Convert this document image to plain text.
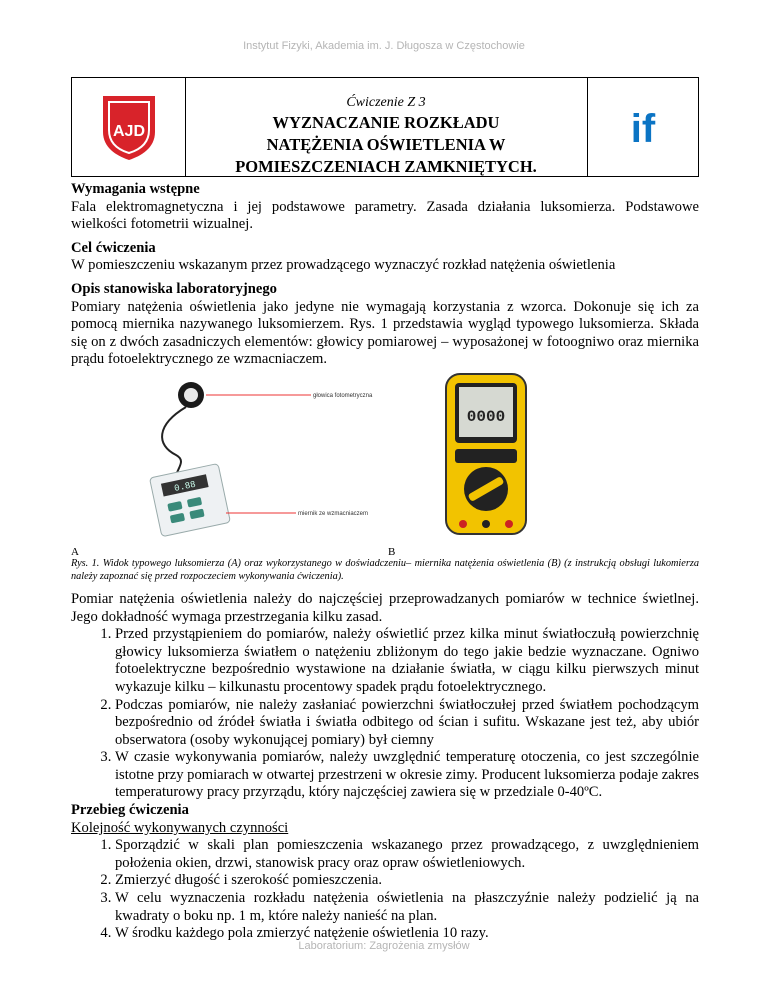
Instytut Fizyki, Akademia im. J. Długosza w Częstochowie
AJD
Ćwiczenie Z 3
WYZNACZANIE ROZKŁADU
NATĘŻENIA OŚWIETLENIA W
POMIESZCZENIACH ZAMKNIĘTYCH.
if

Wymagania wstępne

Fala elektromagnetyczna i jej podstawowe parametry. Zasada działania luksomierza. Podstawowe wielkości fotometrii wizualnej.

Cel ćwiczenia

W pomieszczeniu wskazanym przez prowadzącego wyznaczyć rozkład natężenia oświetlenia

Opis stanowiska laboratoryjnego

Pomiary natężenia oświetlenia jako jedyne nie wymagają korzystania z wzorca. Dokonuje się ich za pomocą miernika nazywanego luksomierzem. Rys. 1 przedstawia wygląd typowego luksomierza. Składa się on z dwóch zasadniczych elementów: głowicy pomiarowej – wyposażonej w fotoogniwo oraz miernika prądu fotoelektrycznego ze wzmacniaczem.

0.88
głowica fotometryczna
miernik ze wzmacniaczem
0000
A	B

Rys. 1. Widok typowego luksomierza (A) oraz wykorzystanego w doświadczeniu– miernika natężenia oświetlenia (B) (z instrukcją obsługi lukomierza należy zapoznać się przed rozpoczeciem wykonywania ćwiczenia).

Pomiar natężenia oświetlenia należy do najczęściej przeprowadzanych pomiarów w technice świetlnej. Jego dokładność wymaga przestrzegania kilku zasad.

1. Przed przystąpieniem do pomiarów, należy oświetlić przez kilka minut światłoczułą powierzchnię głowicy luksomierza światłem o natężeniu zbliżonym do tego jakie bedzie wyznaczane. Ogniwo fotoelektryczne bezpośrednio wystawione na działanie światła, w ciągu kilku pierwszych minut wykazuje kilku – kilkunastu procentowy spadek prądu fotoelektrycznego.
2. Podczas pomiarów, nie należy zasłaniać powierzchni światłoczułej przed światłem pochodzącym bezpośrednio od źródeł światła i światła odbitego od ścian i sufitu. Wskazane jest też, aby ubiór obserwatora (osoby wykonującej pomiary) był ciemny
3. W czasie wykonywania pomiarów, należy uwzględnić temperaturę otoczenia, co jest szczególnie istotne przy pomiarach w otwartej przestrzeni w okresie zimy. Producent luksomierza podaje zakres temperaturowy pracy przyrządu, który najczęściej zawiera się w przedziale 0-40ºC.

Przebieg ćwiczenia

Kolejność wykonywanych czynności

1. Sporządzić w skali plan pomieszczenia wskazanego przez prowadzącego, z uwzględnieniem położenia okien, drzwi, stanowisk pracy oraz opraw oświetleniowych.
2. Zmierzyć długość i szerokość pomieszczenia.
3. W celu wyznaczenia rozkładu natężenia oświetlenia na płaszczyźnie należy podzielić ją na kwadraty o boku np. 1 m, które należy nanieść na plan.
4. W środku każdego pola zmierzyć natężenie oświetlenia 10 razy.
Laboratorium: Zagrożenia zmysłów
